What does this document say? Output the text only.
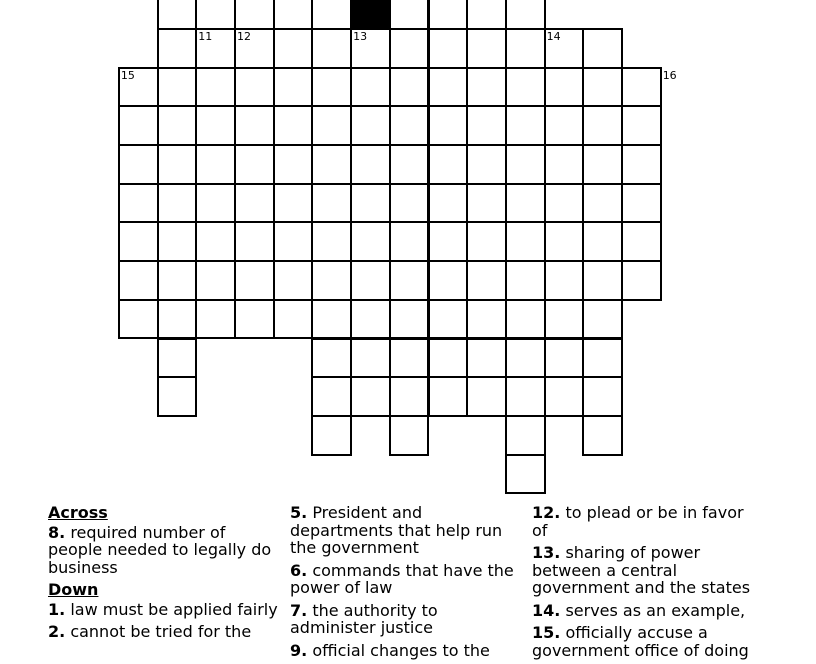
11 12	13	14
15	16
Across
8. required number of people needed to legally do business
Down
1. law must be applied fairly
2. cannot be tried for the
5. President and departments that help run the government
6. commands that have the power of law
7. the authority to administer justice
9. official changes to the
12. to plead or be in favor of
13. sharing of power between a central government and the states
14. serves as an example,
15. officially accuse a government office of doing
